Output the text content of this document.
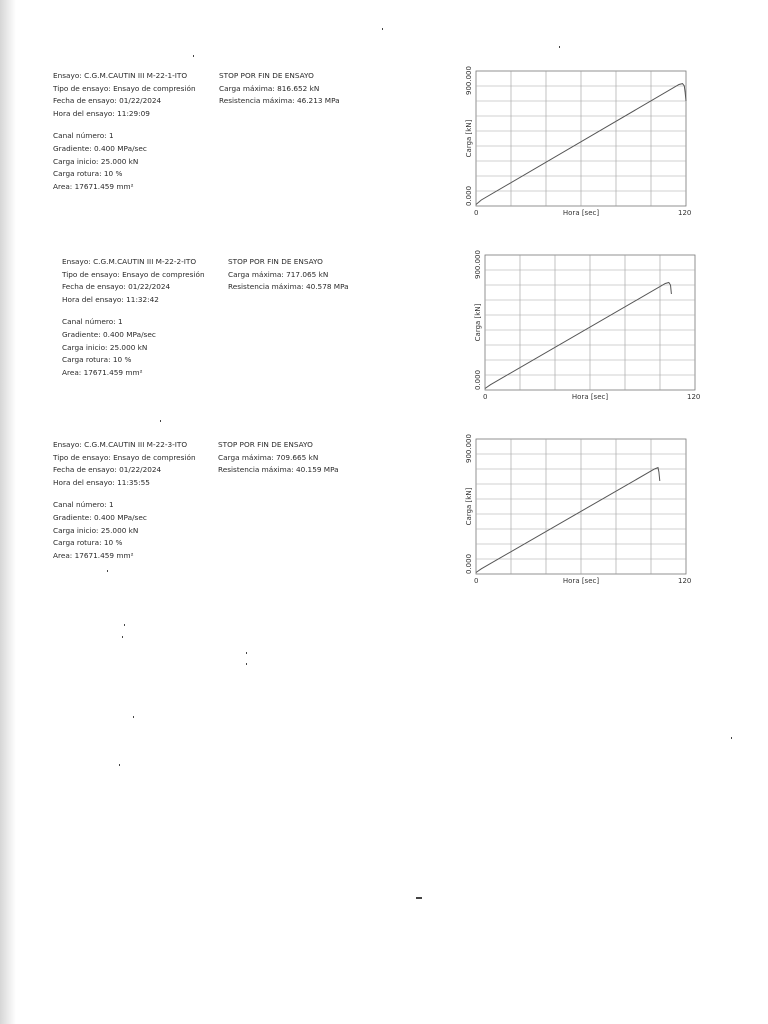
Ensayo: C.G.M.CAUTIN III M-22-1-ITO
Tipo de ensayo: Ensayo de compresión
Fecha de ensayo: 01/22/2024
Hora del ensayo: 11:29:09
Canal número: 1
Gradiente: 0.400 MPa/sec
Carga inicio: 25.000 kN
Carga rotura: 10 %
Area: 17671.459 mm²
STOP POR FIN DE ENSAYO
Carga máxima: 816.652 kN
Resistencia máxima: 46.213 MPa
Ensayo: C.G.M.CAUTIN III M-22-2-ITO
Tipo de ensayo: Ensayo de compresión
Fecha de ensayo: 01/22/2024
Hora del ensayo: 11:32:42
Canal número: 1
Gradiente: 0.400 MPa/sec
Carga inicio: 25.000 kN
Carga rotura: 10 %
Area: 17671.459 mm²
STOP POR FIN DE ENSAYO
Carga máxima: 717.065 kN
Resistencia máxima: 40.578 MPa
Ensayo: C.G.M.CAUTIN III M-22-3-ITO
Tipo de ensayo: Ensayo de compresión
Fecha de ensayo: 01/22/2024
Hora del ensayo: 11:35:55
Canal número: 1
Gradiente: 0.400 MPa/sec
Carga inicio: 25.000 kN
Carga rotura: 10 %
Area: 17671.459 mm²
STOP POR FIN DE ENSAYO
Carga máxima: 709.665 kN
Resistencia máxima: 40.159 MPa
900.000
0.000
Carga [kN]
0	120
Hora [sec]
900.000
0.000
Carga [kN]
0	120
Hora [sec]
900.000
0.000
Carga [kN]
0	120
Hora [sec]
